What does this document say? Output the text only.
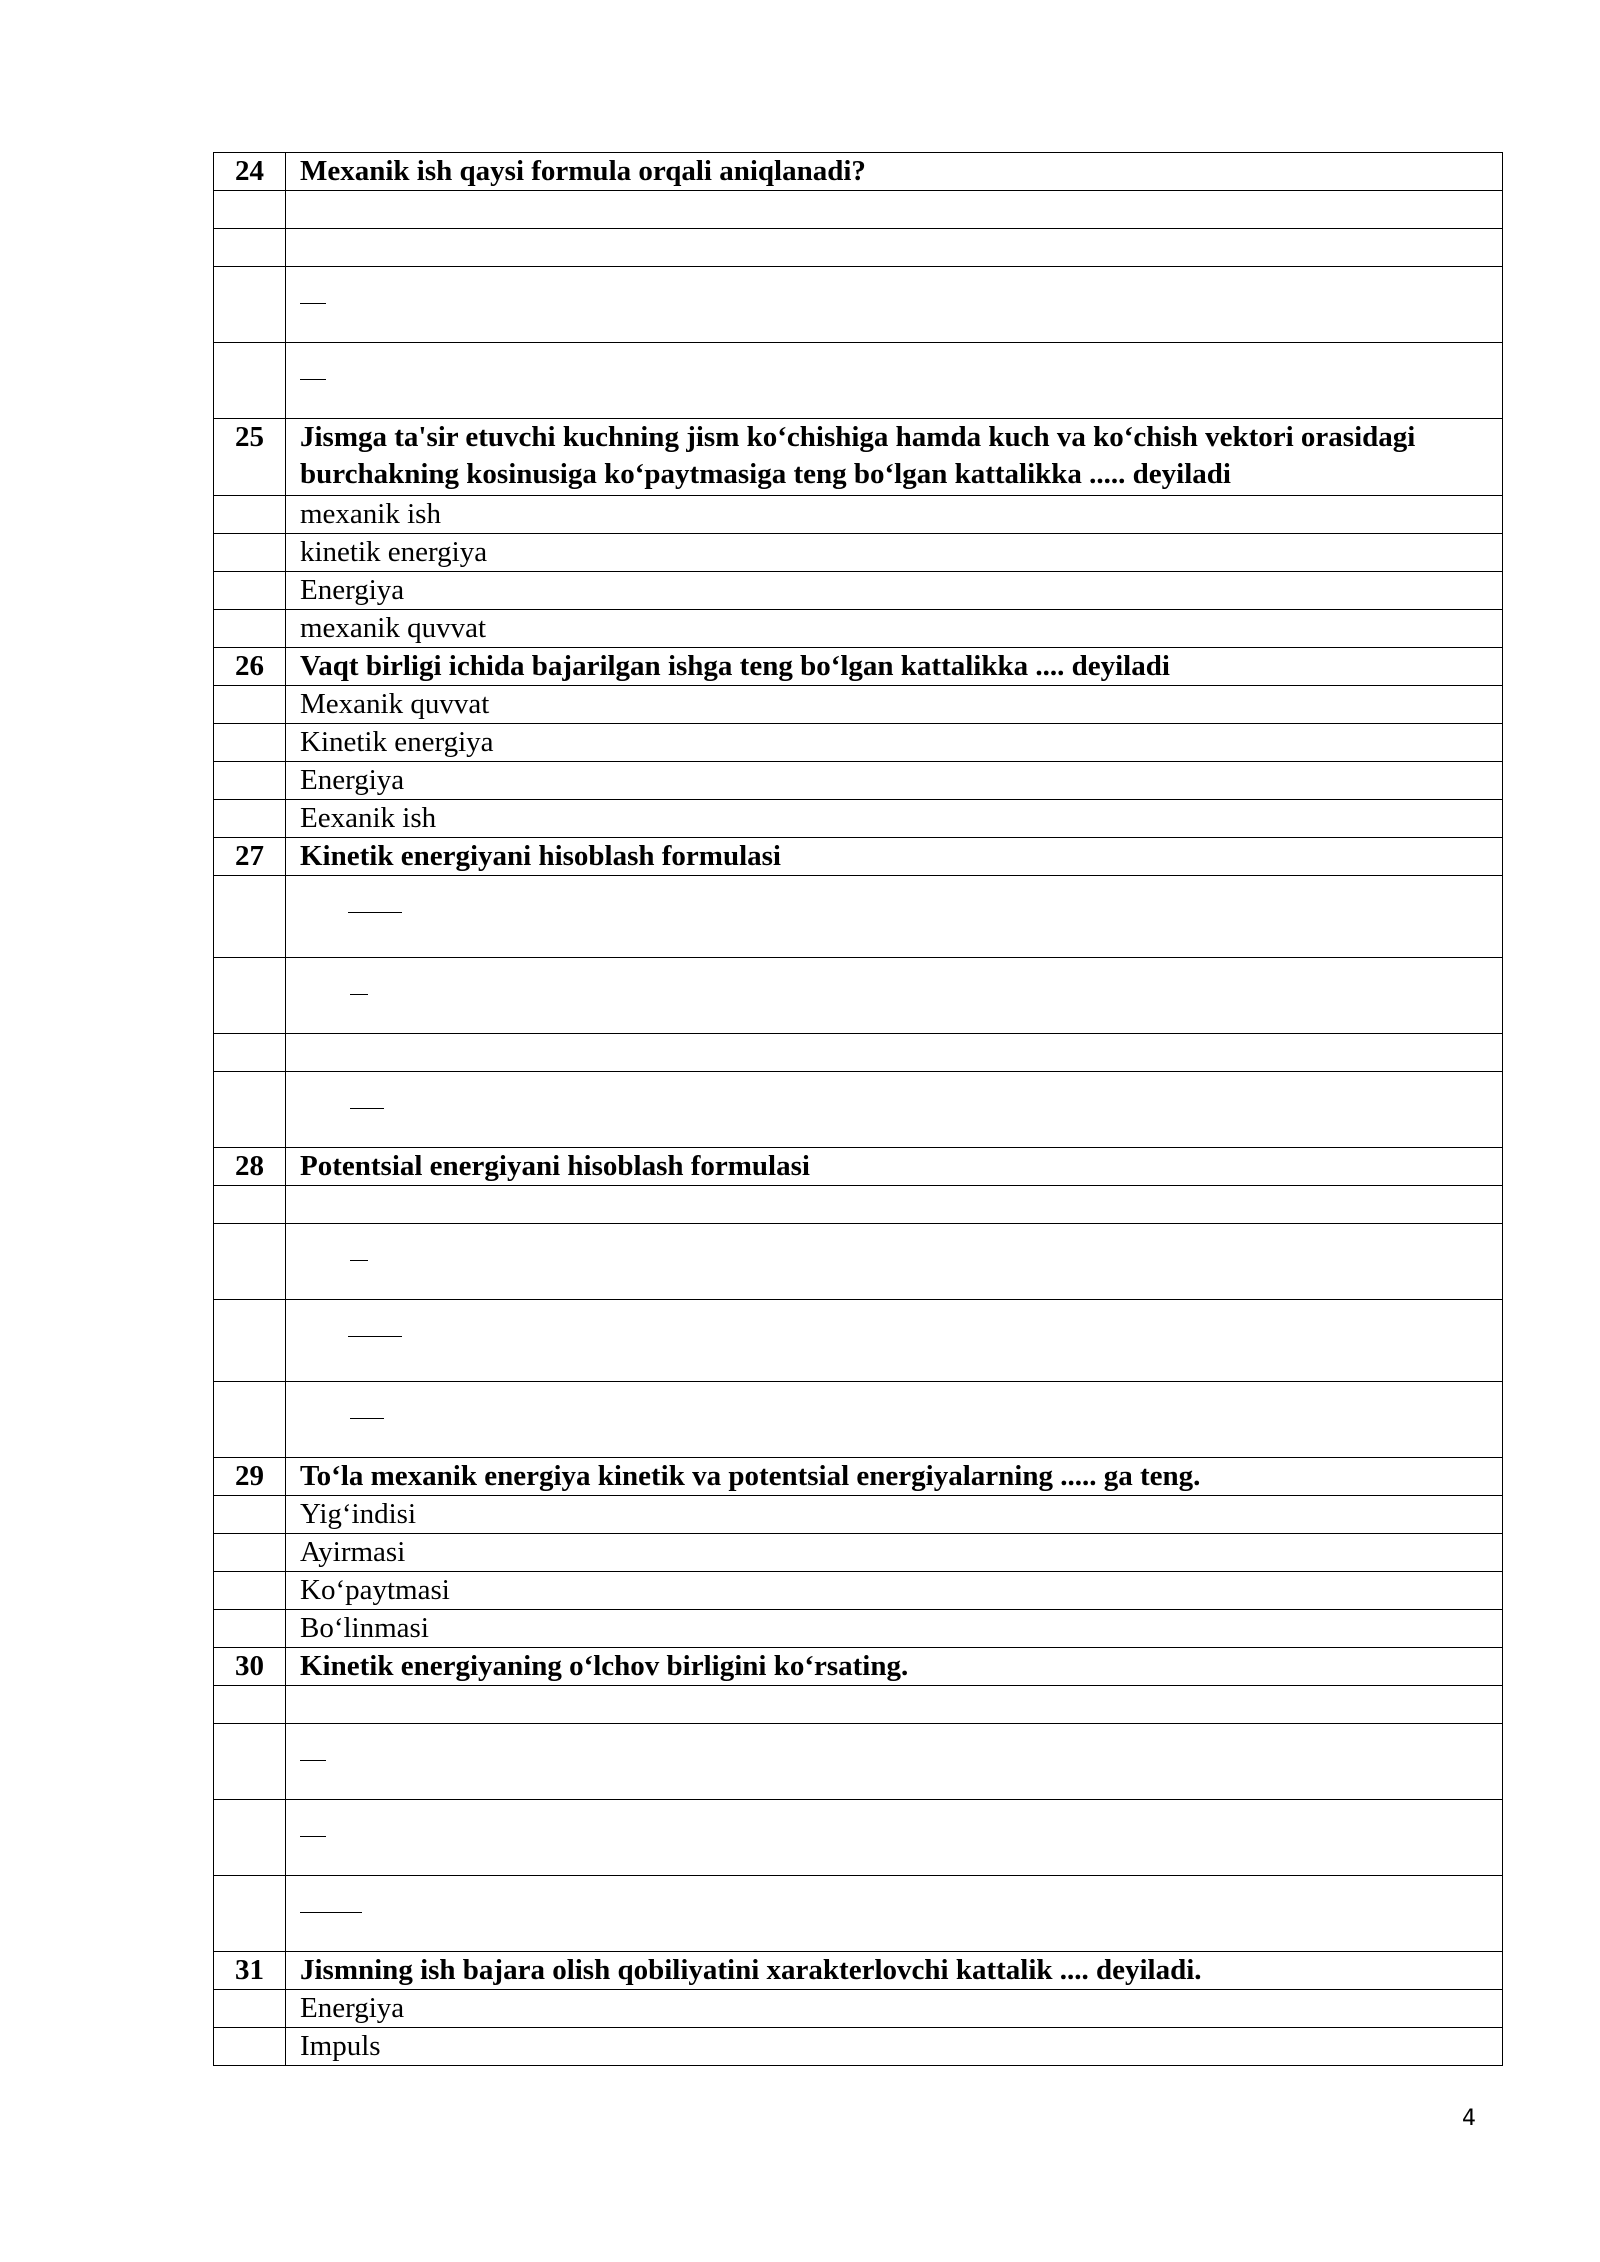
24	Mexanik ish qaysi formula orqali aniqlanadi?

25	Jismga ta'sir etuvchi kuchning jism ko‘chishiga hamda kuch va ko‘chish vektori orasidagi burchakning kosinusiga ko‘paytmasiga teng bo‘lgan kattalikka ..... deyiladi
	mexanik ish
	kinetik energiya
	Energiya
	mexanik quvvat
26	Vaqt birligi ichida bajarilgan ishga teng bo‘lgan kattalikka .... deyiladi
	Mexanik quvvat
	Kinetik energiya
	Energiya
	Eexanik ish
27	Kinetik energiyani hisoblash formulasi

28	Potentsial energiyani hisoblash formulasi

29	To‘la mexanik energiya kinetik va potentsial energiyalarning ..... ga teng.
	Yig‘indisi
	Ayirmasi
	Ko‘paytmasi
	Bo‘linmasi
30	Kinetik energiyaning o‘lchov birligini ko‘rsating.

31	Jismning ish bajara olish qobiliyatini xarakterlovchi kattalik .... deyiladi.
	Energiya
	Impuls
4
